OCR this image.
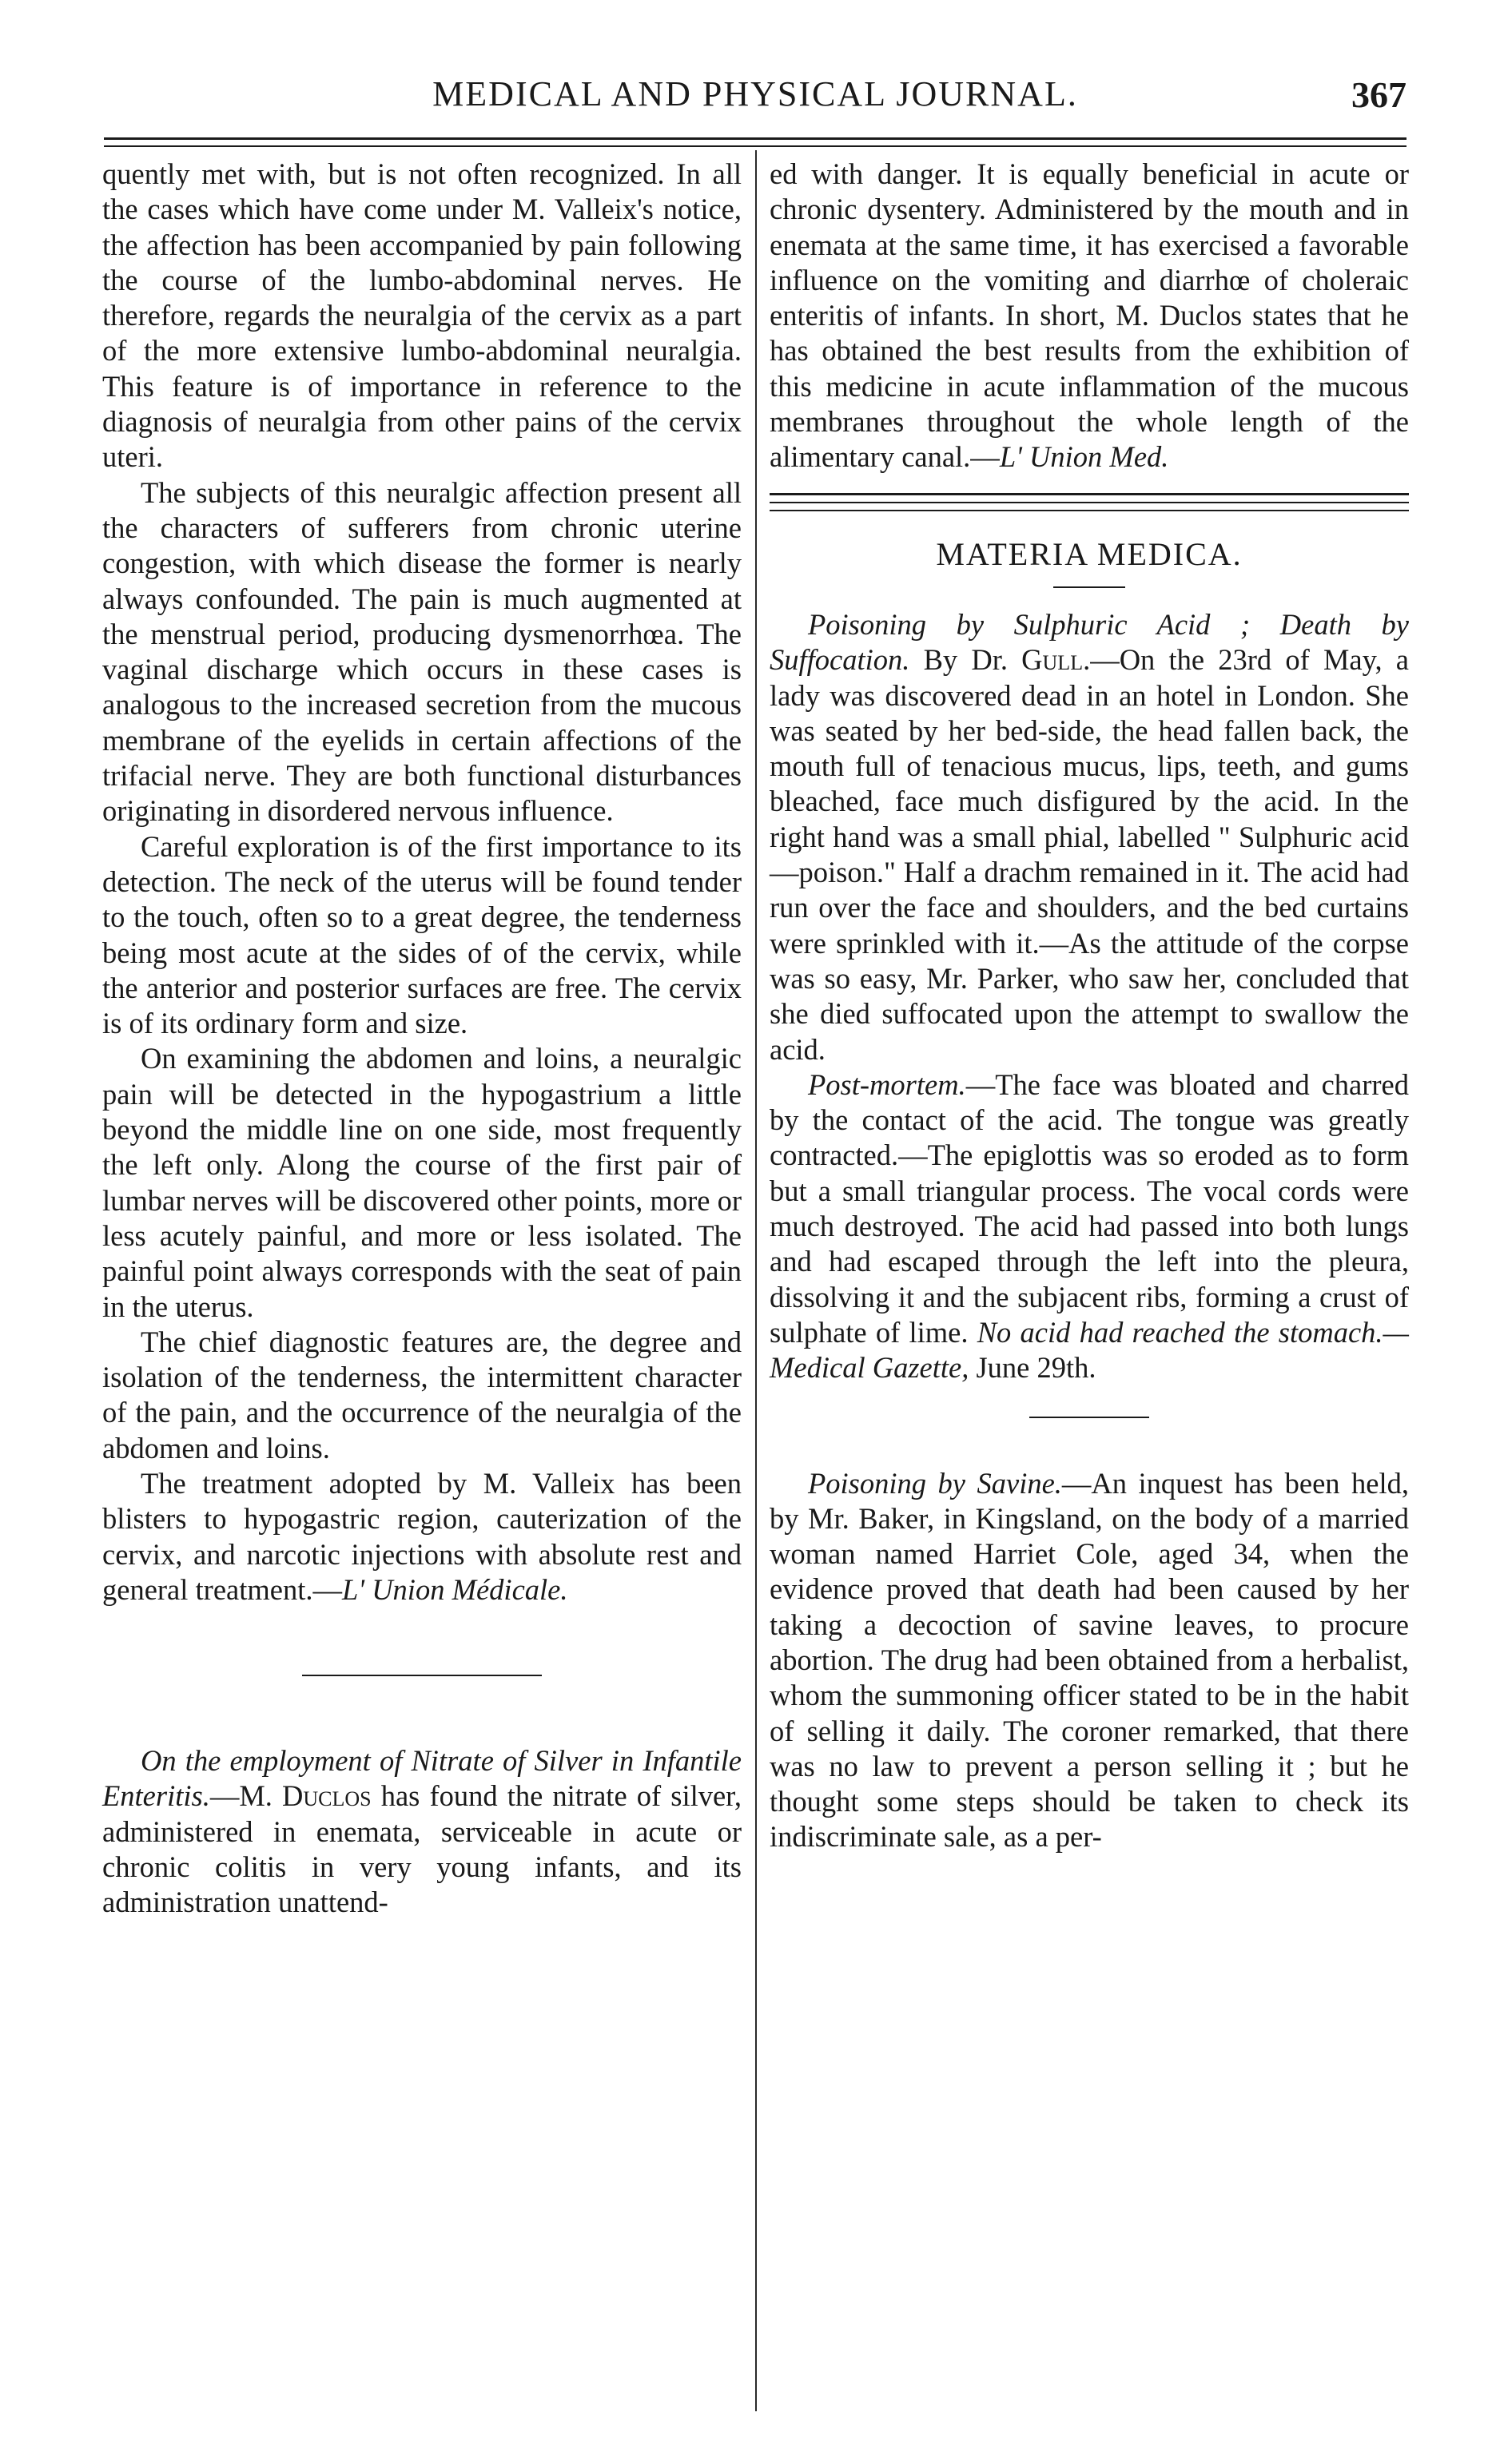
MEDICAL AND PHYSICAL JOURNAL.	367

quently met with, but is not often recognized. In all the cases which have come under M. Valleix's notice, the affection has been accompanied by pain following the course of the lumbo-abdominal nerves. He therefore, regards the neuralgia of the cervix as a part of the more extensive lumbo-abdominal neuralgia. This feature is of importance in reference to the diagnosis of neuralgia from other pains of the cervix uteri.

The subjects of this neuralgic affection present all the characters of sufferers from chronic uterine congestion, with which disease the former is nearly always confounded. The pain is much augmented at the menstrual period, producing dysmenorrhœa. The vaginal discharge which occurs in these cases is analogous to the increased secretion from the mucous membrane of the eyelids in certain affections of the trifacial nerve. They are both functional disturbances originating in disordered nervous influence.

Careful exploration is of the first importance to its detection. The neck of the uterus will be found tender to the touch, often so to a great degree, the tenderness being most acute at the sides of of the cervix, while the anterior and posterior surfaces are free. The cervix is of its ordinary form and size.

On examining the abdomen and loins, a neuralgic pain will be detected in the hypogastrium a little beyond the middle line on one side, most frequently the left only. Along the course of the first pair of lumbar nerves will be discovered other points, more or less acutely painful, and more or less isolated. The painful point always corresponds with the seat of pain in the uterus.

The chief diagnostic features are, the degree and isolation of the tenderness, the intermittent character of the pain, and the occurrence of the neuralgia of the abdomen and loins.

The treatment adopted by M. Valleix has been blisters to hypogastric region, cauterization of the cervix, and narcotic injections with absolute rest and general treatment.—L' Union Médicale.

On the employment of Nitrate of Silver in Infantile Enteritis.—M. Duclos has found the nitrate of silver, administered in enemata, serviceable in acute or chronic colitis in very young infants, and its administration unattend-

ed with danger. It is equally beneficial in acute or chronic dysentery. Administered by the mouth and in enemata at the same time, it has exercised a favorable influence on the vomiting and diarrhœ of choleraic enteritis of infants. In short, M. Duclos states that he has obtained the best results from the exhibition of this medicine in acute inflammation of the mucous membranes throughout the whole length of the alimentary canal.—L' Union Med.

MATERIA MEDICA.

Poisoning by Sulphuric Acid ; Death by Suffocation. By Dr. Gull.—On the 23rd of May, a lady was discovered dead in an hotel in London. She was seated by her bed-side, the head fallen back, the mouth full of tenacious mucus, lips, teeth, and gums bleached, face much disfigured by the acid. In the right hand was a small phial, labelled " Sulphuric acid—poison." Half a drachm remained in it. The acid had run over the face and shoulders, and the bed curtains were sprinkled with it.—As the attitude of the corpse was so easy, Mr. Parker, who saw her, concluded that she died suffocated upon the attempt to swallow the acid.

Post-mortem.—The face was bloated and charred by the contact of the acid. The tongue was greatly contracted.—The epiglottis was so eroded as to form but a small triangular process. The vocal cords were much destroyed. The acid had passed into both lungs and had escaped through the left into the pleura, dissolving it and the subjacent ribs, forming a crust of sulphate of lime. No acid had reached the stomach.—Medical Gazette, June 29th.

Poisoning by Savine.—An inquest has been held, by Mr. Baker, in Kingsland, on the body of a married woman named Harriet Cole, aged 34, when the evidence proved that death had been caused by her taking a decoction of savine leaves, to procure abortion. The drug had been obtained from a herbalist, whom the summoning officer stated to be in the habit of selling it daily. The coroner remarked, that there was no law to prevent a person selling it ; but he thought some steps should be taken to check its indiscriminate sale, as a per-
